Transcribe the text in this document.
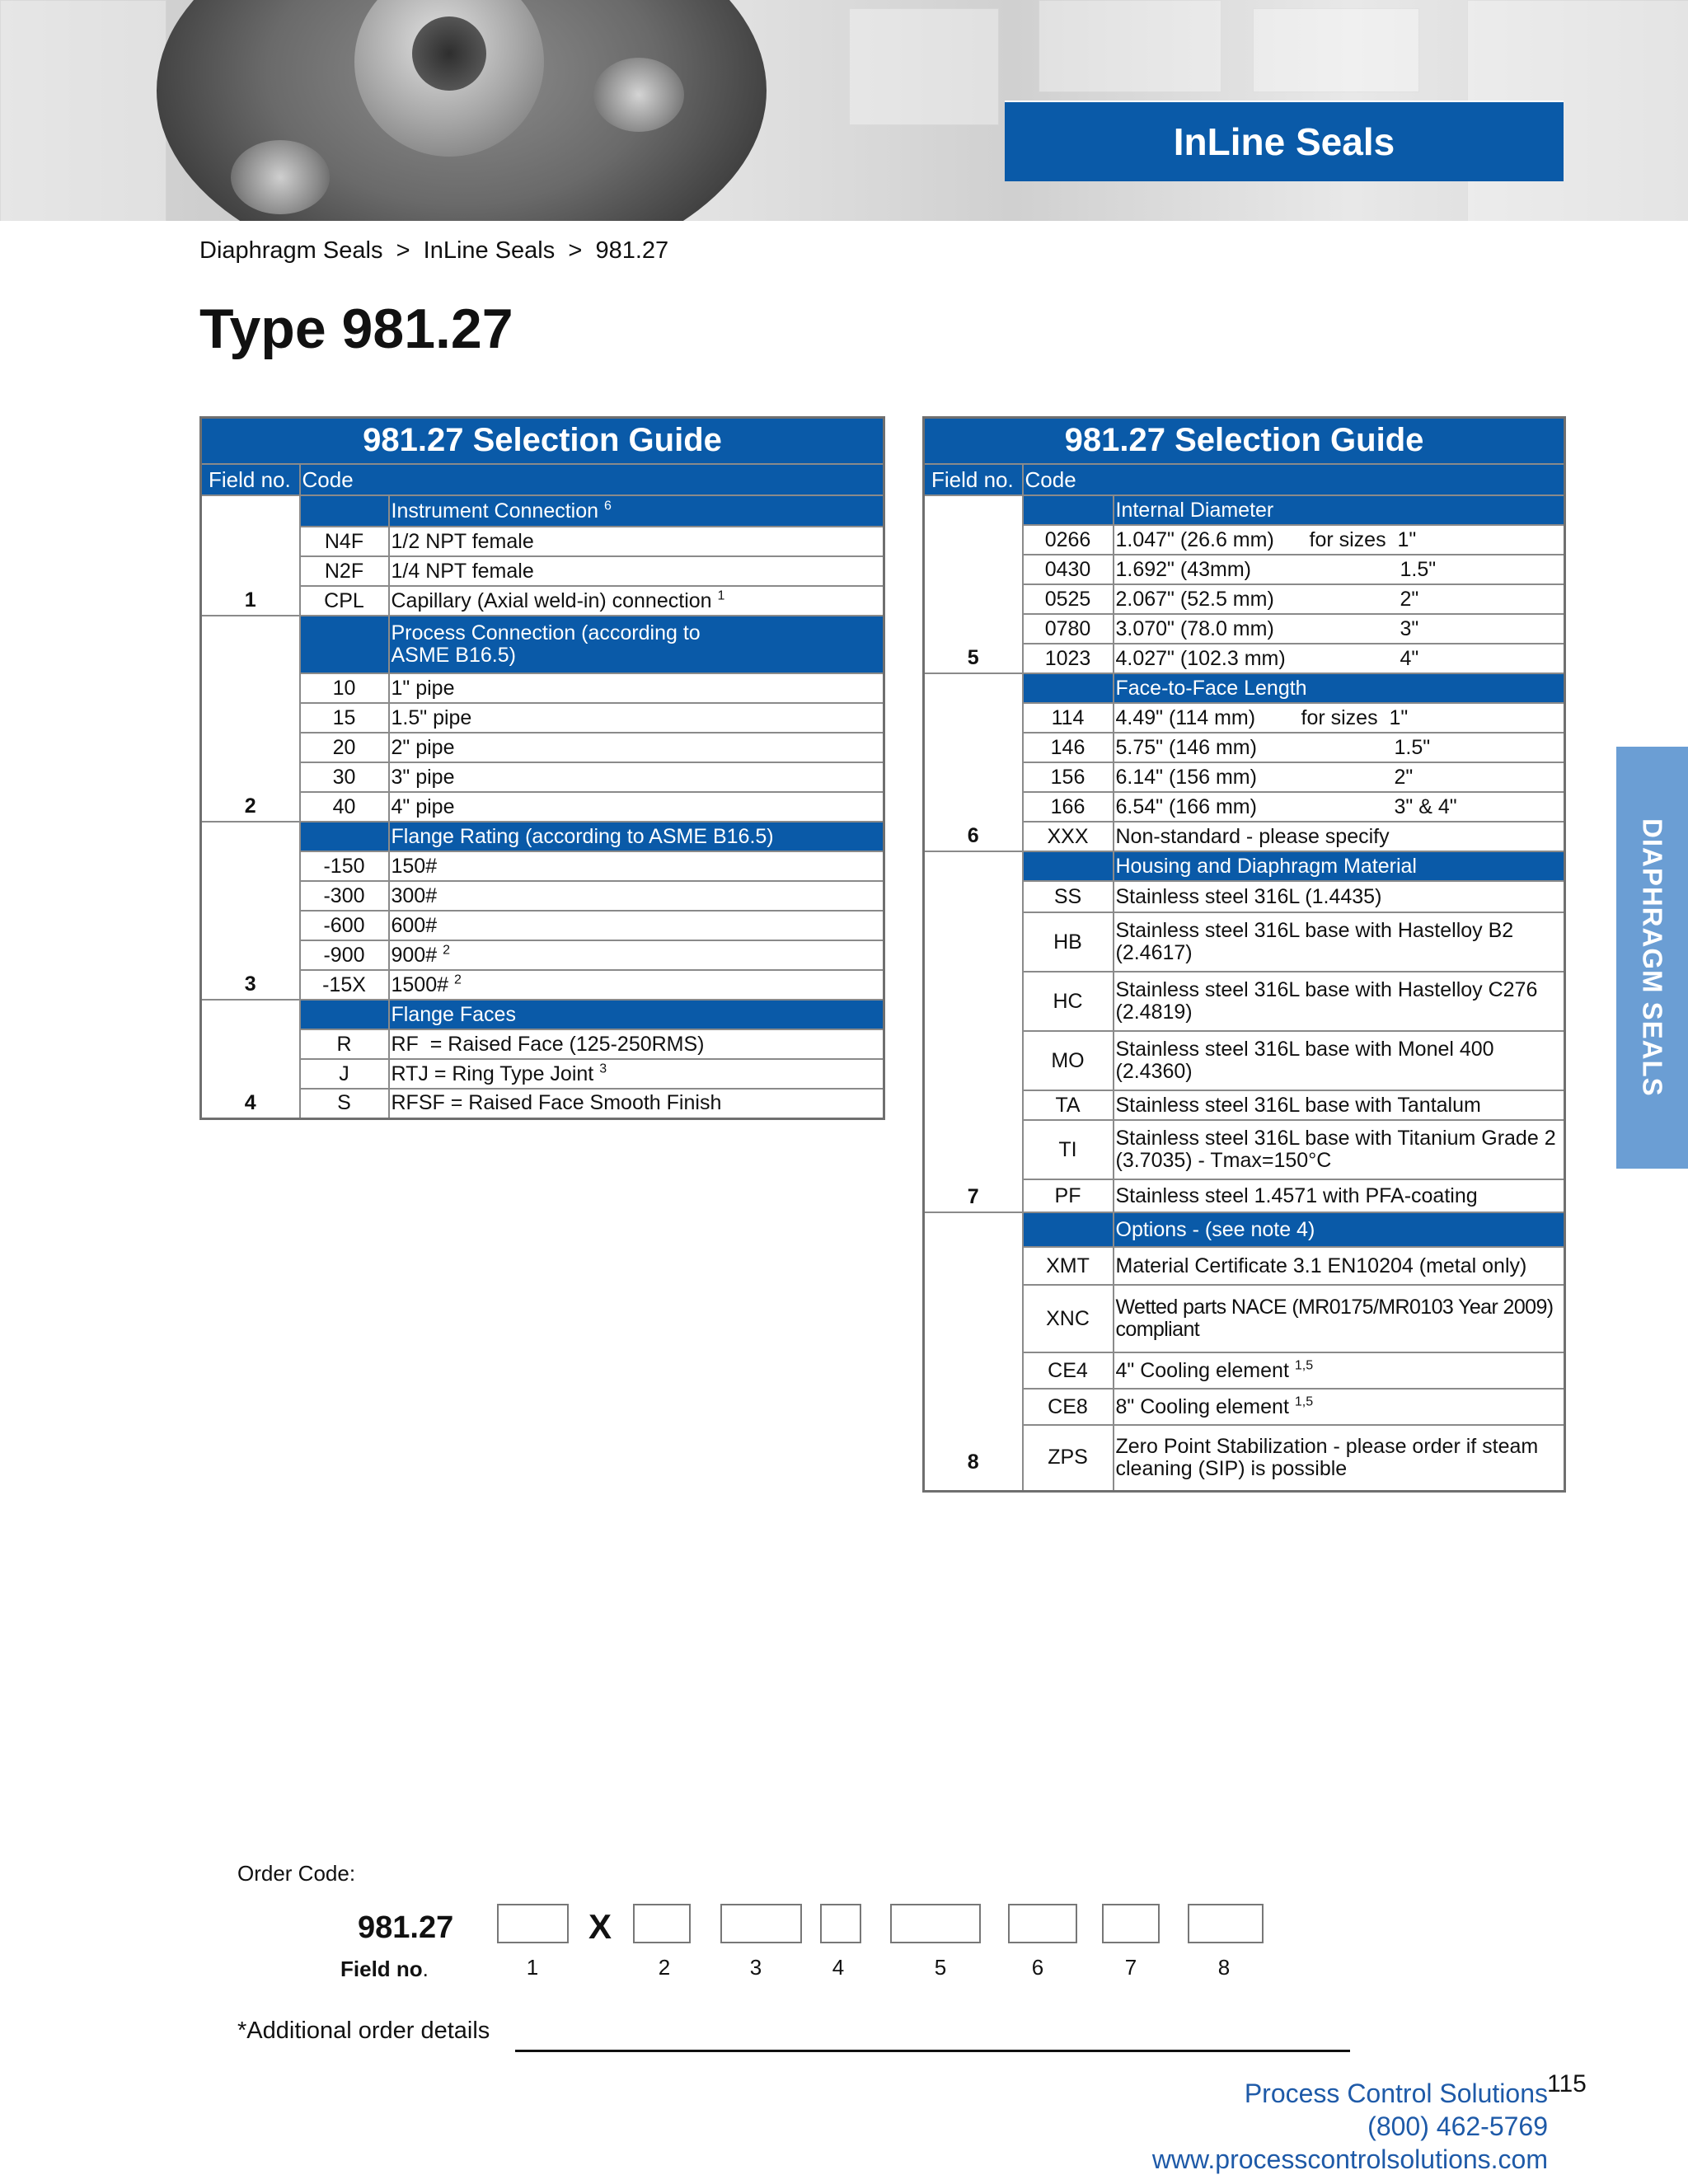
InLine Seals
Diaphragm Seals > InLine Seals > 981.27
Type 981.27
981.27 Selection Guide		
Field no.	Code	
1		Instrument Connection $^6$
	N4F	1/2 NPT female
	N2F	1/4 NPT female
	CPL	Capillary (Axial weld-in) connection $^1$
2		Process Connection (according to
ASME B16.5)
	10	1" pipe
	15	1.5" pipe
	20	2" pipe
	30	3" pipe
	40	4" pipe
3		Flange Rating (according to ASME B16.5)
	-150	150#
	-300	300#
	-600	600#
	-900	900# $^2$
	-15X	1500# $^2$
4		Flange Faces
	R	RF  = Raised Face (125-250RMS)
	J	RTJ = Ring Type Joint $^3$
	S	RFSF = Raised Face Smooth Finish
981.27 Selection Guide		
Field no.	Code	
5		Internal Diameter
	0266	1.047" (26.6 mm) for sizes  1"
	0430	1.692" (43mm) 1.5"
	0525	2.067" (52.5 mm) 2"
	0780	3.070" (78.0 mm) 3"
	1023	4.027" (102.3 mm) 4"
6		Face-to-Face Length
	114	4.49" (114 mm) for sizes  1"
	146	5.75" (146 mm) 1.5"
	156	6.14" (156 mm) 2"
	166	6.54" (166 mm) 3" & 4"
	XXX	Non-standard - please specify
7		Housing and Diaphragm Material
	SS	Stainless steel 316L (1.4435)
	HB	Stainless steel 316L base with Hastelloy B2 (2.4617)
	HC	Stainless steel 316L base with Hastelloy C276 (2.4819)
	MO	Stainless steel 316L base with Monel 400 (2.4360)
	TA	Stainless steel 316L base with Tantalum
	TI	Stainless steel 316L base with Titanium Grade 2 (3.7035) - Tmax=150°C
	PF	Stainless steel 1.4571 with PFA-coating
8		Options - (see note 4)
	XMT	Material Certificate 3.1 EN10204 (metal only)
	XNC	Wetted parts NACE (MR0175/MR0103 Year 2009) compliant
	CE4	4" Cooling element $^{1,5}$
	CE8	8" Cooling element $^{1,5}$
	ZPS	Zero Point Stabilization - please order if steam cleaning (SIP) is possible
DIAPHRAGM SEALS
Order Code:
981.27	X
Field no.	1	2	3	4	5	6	7	8
*Additional order details
Process Control Solutions 115
(800) 462-5769
www.processcontrolsolutions.com
